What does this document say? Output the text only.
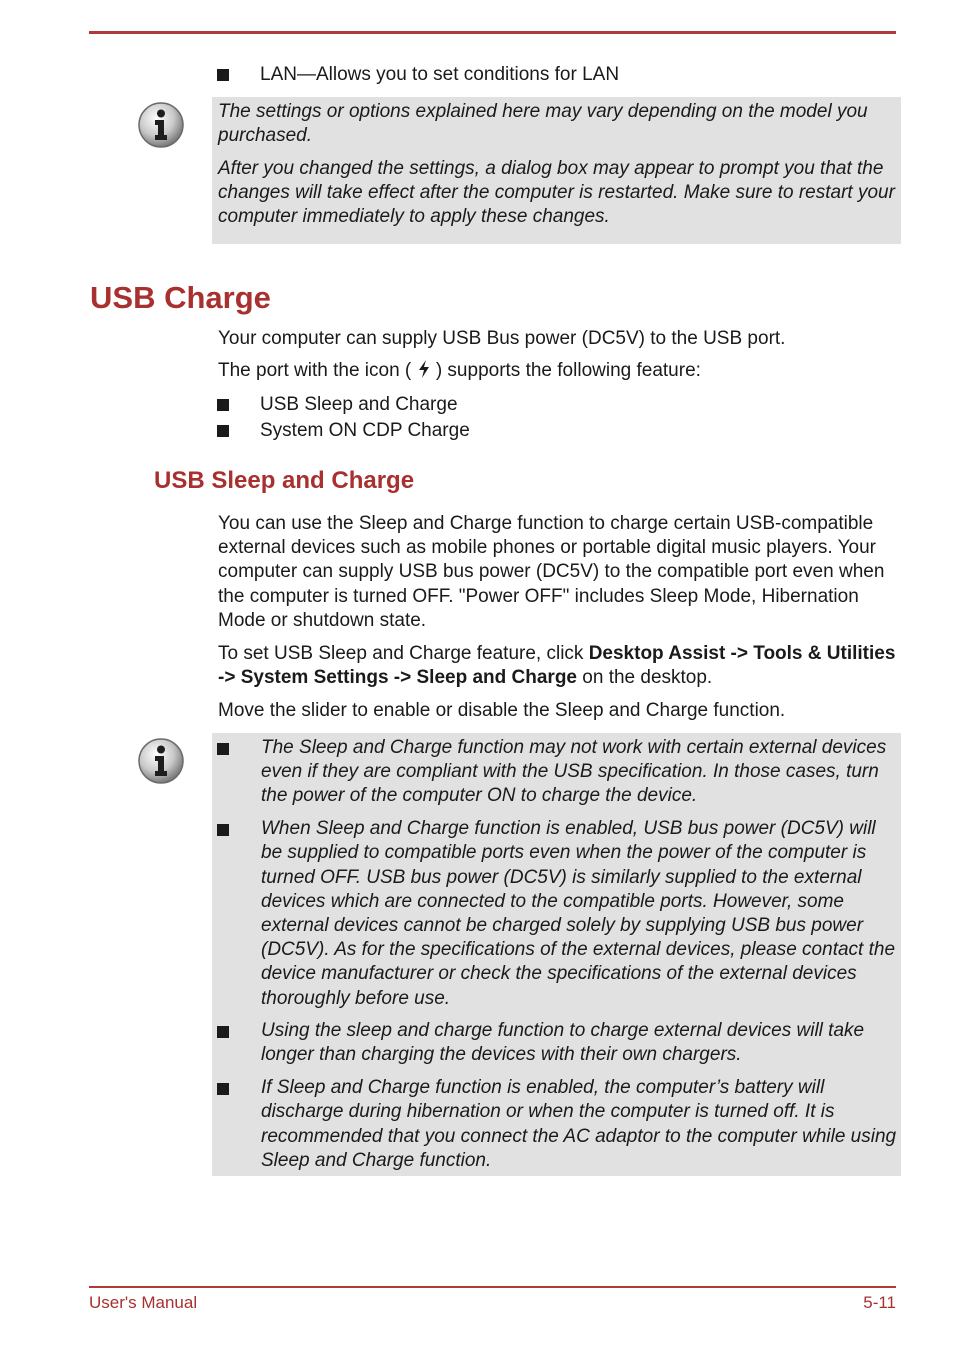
LAN—Allows you to set conditions for LAN
The settings or options explained here may vary depending on the model you purchased.
After you changed the settings, a dialog box may appear to prompt you that the changes will take effect after the computer is restarted. Make sure to restart your computer immediately to apply these changes.
USB Charge
Your computer can supply USB Bus power (DC5V) to the USB port.
The port with the icon ( ) supports the following feature:
USB Sleep and Charge
System ON CDP Charge
USB Sleep and Charge
You can use the Sleep and Charge function to charge certain USB-compatible external devices such as mobile phones or portable digital music players. Your computer can supply USB bus power (DC5V) to the compatible port even when the computer is turned OFF. "Power OFF" includes Sleep Mode, Hibernation Mode or shutdown state.
To set USB Sleep and Charge feature, click Desktop Assist -> Tools & Utilities -> System Settings -> Sleep and Charge on the desktop.
Move the slider to enable or disable the Sleep and Charge function.
The Sleep and Charge function may not work with certain external devices even if they are compliant with the USB specification. In those cases, turn the power of the computer ON to charge the device.
When Sleep and Charge function is enabled, USB bus power (DC5V) will be supplied to compatible ports even when the power of the computer is turned OFF. USB bus power (DC5V) is similarly supplied to the external devices which are connected to the compatible ports. However, some external devices cannot be charged solely by supplying USB bus power (DC5V). As for the specifications of the external devices, please contact the device manufacturer or check the specifications of the external devices thoroughly before use.
Using the sleep and charge function to charge external devices will take longer than charging the devices with their own chargers.
If Sleep and Charge function is enabled, the computer’s battery will discharge during hibernation or when the computer is turned off. It is recommended that you connect the AC adaptor to the computer while using Sleep and Charge function.
User's Manual	5-11
